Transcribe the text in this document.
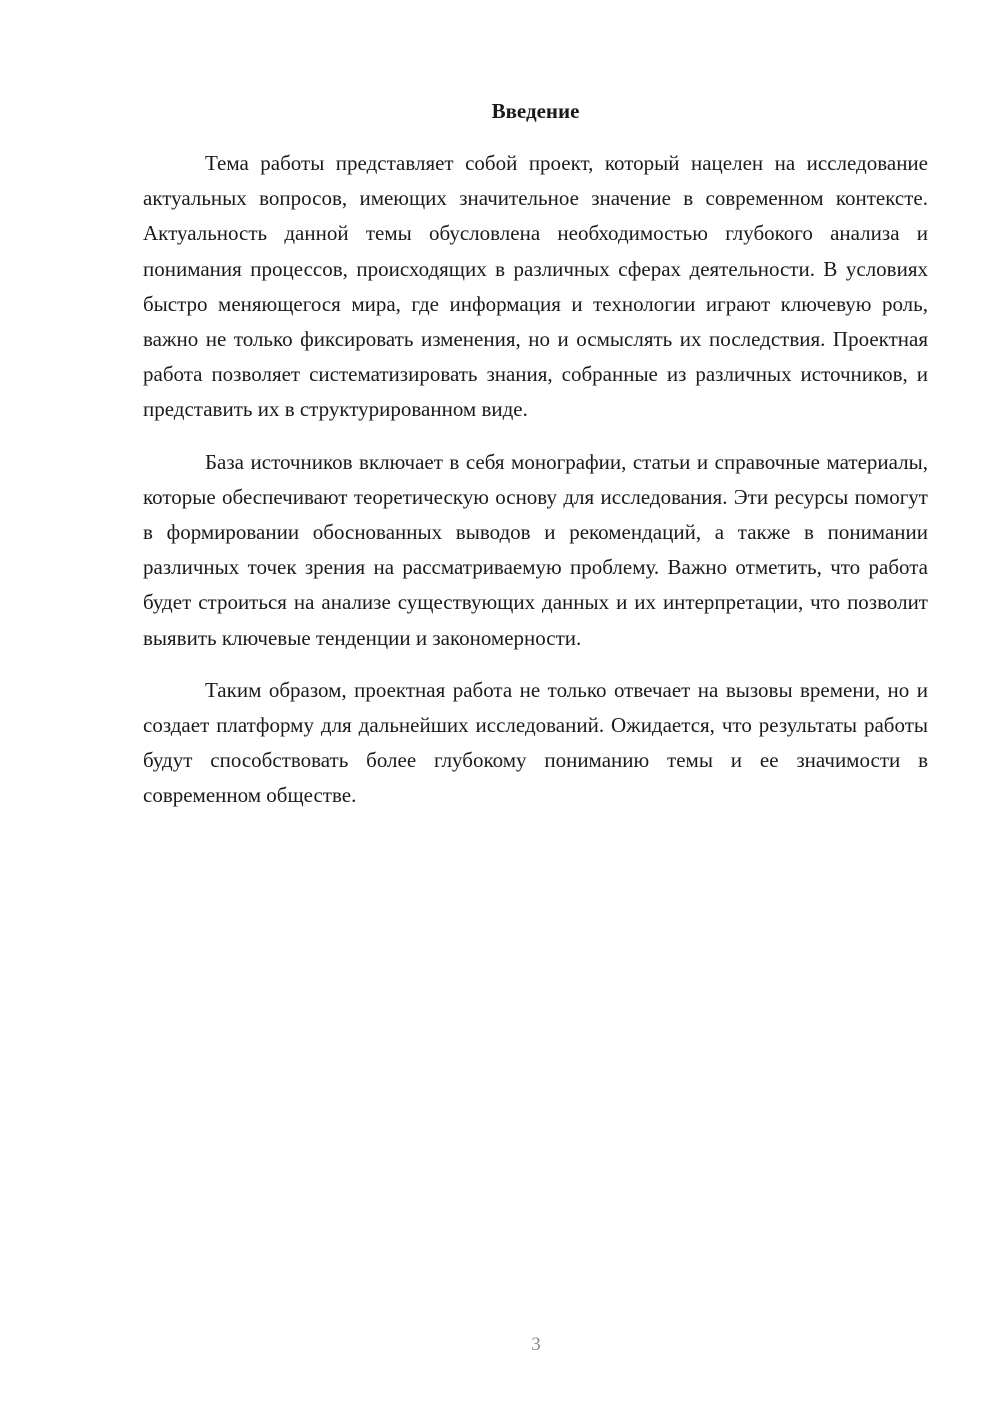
Введение

Тема работы представляет собой проект, который нацелен на исследование актуальных вопросов, имеющих значительное значение в современном контексте. Актуальность данной темы обусловлена необходимостью глубокого анализа и понимания процессов, происходящих в различных сферах деятельности. В условиях быстро меняющегося мира, где информация и технологии играют ключевую роль, важно не только фиксировать изменения, но и осмыслять их последствия. Проектная работа позволяет систематизировать знания, собранные из различных источников, и представить их в структурированном виде.

База источников включает в себя монографии, статьи и справочные материалы, которые обеспечивают теоретическую основу для исследования. Эти ресурсы помогут в формировании обоснованных выводов и рекомендаций, а также в понимании различных точек зрения на рассматриваемую проблему. Важно отметить, что работа будет строиться на анализе существующих данных и их интерпретации, что позволит выявить ключевые тенденции и закономерности.

Таким образом, проектная работа не только отвечает на вызовы времени, но и создает платформу для дальнейших исследований. Ожидается, что результаты работы будут способствовать более глубокому пониманию темы и ее значимости в современном обществе.

3
